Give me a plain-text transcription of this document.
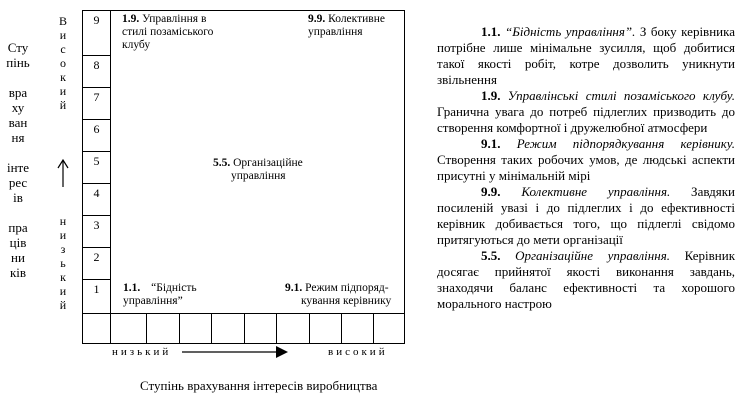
Сту
пінь
вра
ху
ван
ня
інте
рес
ів
пра
ців
ни
ків
В
и
с
о
к
и
й
н
и
з
ь
к
и
й
9
8
7
6
5
4
3
2
1
1.9. Управління в
стилі позаміського
клубу
9.9. Колективне
управління
5.5. Організаційне
управління
1.1. “Бідність
управління”
9.1. Режим підпоряд-
кування керівнику
низький	високий
Ступінь врахування інтересів виробництва

1.1. “Бідність управління”. З боку керівника потрібне лише мінімальне зусилля, щоб добитися такої якості робіт, котре дозволить уникнути звільнення

1.9. Управлінські стилі позаміського клубу. Гранична увага до потреб підлеглих призводить до створення комфортної і дружелюбної атмосфери

9.1. Режим підпорядкування керівнику. Створення таких робочих умов, де людські аспекти присутні у мінімальній мірі

9.9. Колективне управління. Завдяки посиленій увазі і до підлеглих і до ефективності керівник добивається того, що підлеглі свідомо притягуються до мети організації

5.5. Організаційне управління. Керівник досягає прийнятої якості виконання завдань, знаходячи баланс ефективності та хорошого морального настрою
